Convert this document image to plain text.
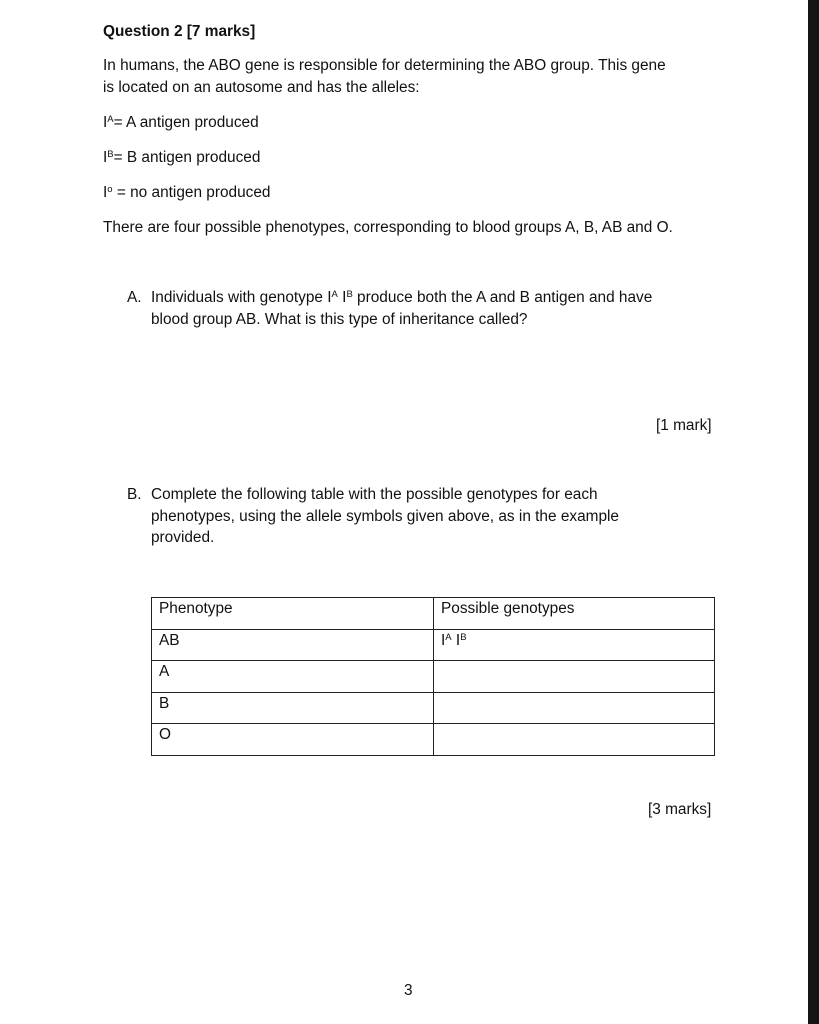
Question 2 [7 marks]
In humans, the ABO gene is responsible for determining the ABO group. This gene
is located on an autosome and has the alleles:
$I^A= A$ antigen produced
$I^B= B$ antigen produced
$I^o$ = no antigen produced
There are four possible phenotypes, corresponding to blood groups A, B, AB and O.
A. Individuals with genotype $I^A$ $I^B$ produce both the A and B antigen and have
blood group AB. What is this type of inheritance called?
[1 mark]
B. Complete the following table with the possible genotypes for each
phenotypes, using the allele symbols given above, as in the example
provided.
Phenotype	Possible genotypes
AB	$I^A$ $I^B$
A	
B	
O	
[3 marks]
3
